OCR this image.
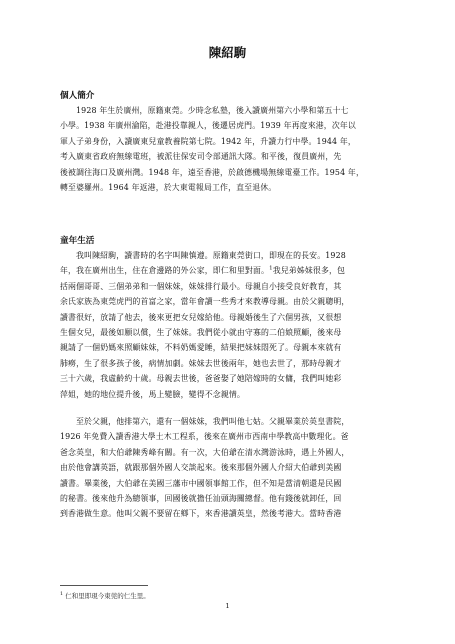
陳紹駒
個人簡介
1928 年生於廣州，原籍東莞。少時念私塾，後入讀廣州第六小學和第五十七
小學。1938 年廣州淪陷，赴港投靠親人，後遷居虎門。1939 年再度來港，次年以
軍人子弟身份，入讀廣東兒童教養院第七院。1942 年，升讀力行中學。1944 年，
考入廣東省政府無線電班，被派往保安司令部通訊大隊。和平後，復員廣州，先
後被調往海口及廣州灣。1948 年，遠至香港，於啟德機場無線電臺工作。1954 年，
轉至婆羅州。1964 年返港，於大東電報局工作，直至退休。
童年生活
我叫陳紹駒，讀書時的名字叫陳慎遵。原籍東莞街口，即現在的長安。1928
年，我在廣州出生，住在倉邊路的外公家，即仁和里對面。$^1$我兒弟姊妹很多，包
括兩個哥哥、三個弟弟和一個妹妹，妹妹排行最小。母親自小接受良好教育，其
余氏家族為東莞虎門的首富之家，當年會讀一些秀才來教導母親。由於父親聰明，
讀書很好，放請了他去，後來更把女兒嫁給他。母親婚後生了六個男孩，又很想
生個女兒，最後如願以償，生了妹妹。我們從小就由守寡的二伯娘照顧，後來母
親請了一個奶媽來照顧妹妹，不料奶媽愛睡，結果把妹妹悶死了。母親本來就有
肺癆，生了很多孩子後，病情加劇。妹妹去世後兩年，她也去世了，那時母親才
三十六歲，我虛齡約十歲。母親去世後，爸爸娶了她陪嫁時的女傭，我們叫她彩
萍姐，她的地位提升後，馬上變臉，變得不念親情。
至於父親，他排第六，還有一個妹妹，我們叫他七姑。父親畢業於英皇書院，
1926 年免費入讀香港大學土木工程系，後來在廣州市西南中學教高中數理化。爸
爸念英皇，和大伯爺陳秀峰有關。有一次，大伯爺在清水灣游泳時，遇上外國人，
由於他會講英語，就跟那個外國人交談起來。後來那個外國人介紹大伯爺到美國
讀書。畢業後，大伯爺在美國三藩市中國領事館工作，但不知是當清朝還是民國
的秘書。後來他升為總領事，回國後就擔任汕頭海關總督。他有錢後就卸任，回
到香港做生意。他叫父親不要留在鄉下，來香港讀英皇，然後考港大。當時香港
$^1$ 仁和里即現今東莞的仁生里。
1
